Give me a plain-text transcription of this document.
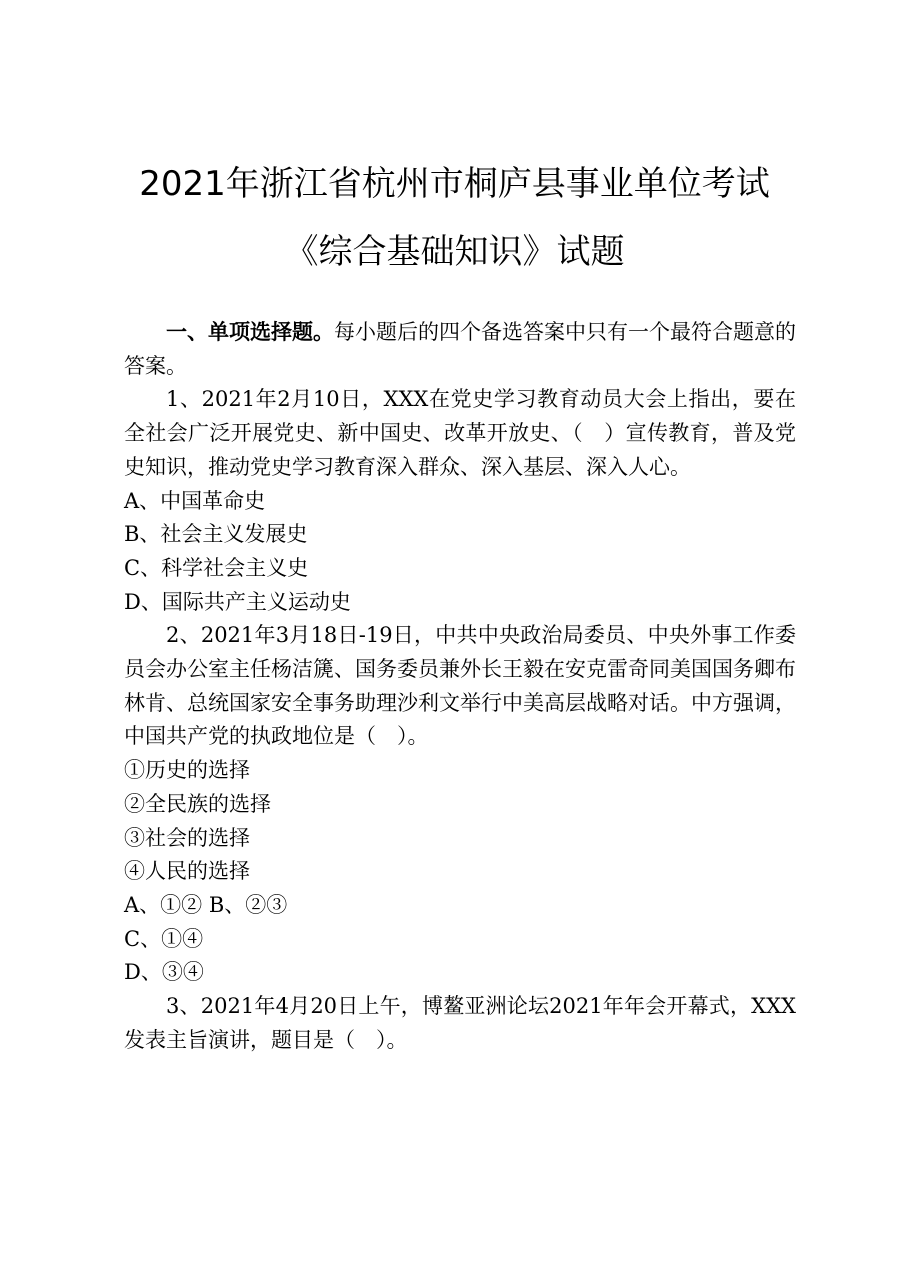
2021年浙江省杭州市桐庐县事业单位考试
《综合基础知识》试题

一、单项选择题。每小题后的四个备选答案中只有一个最符合题意的答案。

1、2021年2月10日，XXX在党史学习教育动员大会上指出，要在全社会广泛开展党史、新中国史、改革开放史、（　）宣传教育，普及党史知识，推动党史学习教育深入群众、深入基层、深入人心。

A、中国革命史

B、社会主义发展史

C、科学社会主义史

D、国际共产主义运动史

2、2021年3月18日-19日，中共中央政治局委员、中央外事工作委员会办公室主任杨洁篪、国务委员兼外长王毅在安克雷奇同美国国务卿布林肯、总统国家安全事务助理沙利文举行中美高层战略对话。中方强调，中国共产党的执政地位是（　）。

①历史的选择

②全民族的选择

③社会的选择

④人民的选择

A、①② B、②③

C、①④

D、③④

3、2021年4月20日上午，博鳌亚洲论坛2021年年会开幕式，XXX发表主旨演讲，题目是（　）。
